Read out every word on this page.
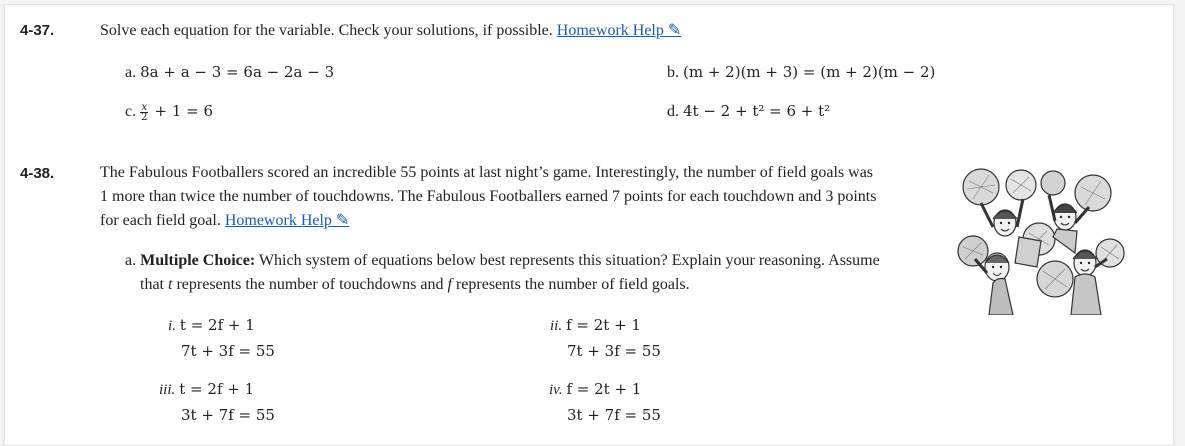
4-37.	Solve each equation for the variable. Check your solutions, if possible. Homework Help ✎
a. 8a + a − 3 = 6a − 2a − 3	b. (m + 2)(m + 3) = (m + 2)(m − 2)
c. $\frac{x}{2} + 1 = 6$	d. 4t − 2 + t² = 6 + t²
4-38.	The Fabulous Footballers scored an incredible 55 points at last night’s game. Interestingly, the number of field goals was
1 more than twice the number of touchdowns. The Fabulous Footballers earned 7 points for each touchdown and 3 points
for each field goal. Homework Help ✎
a. Multiple Choice: Which system of equations below best represents this situation? Explain your reasoning. Assume
that t represents the number of touchdowns and f represents the number of field goals.
i. t = 2f + 1
7t + 3f = 55
ii. f = 2t + 1
7t + 3f = 55
iii. t = 2f + 1
3t + 7f = 55
iv. f = 2t + 1
3t + 7f = 55
